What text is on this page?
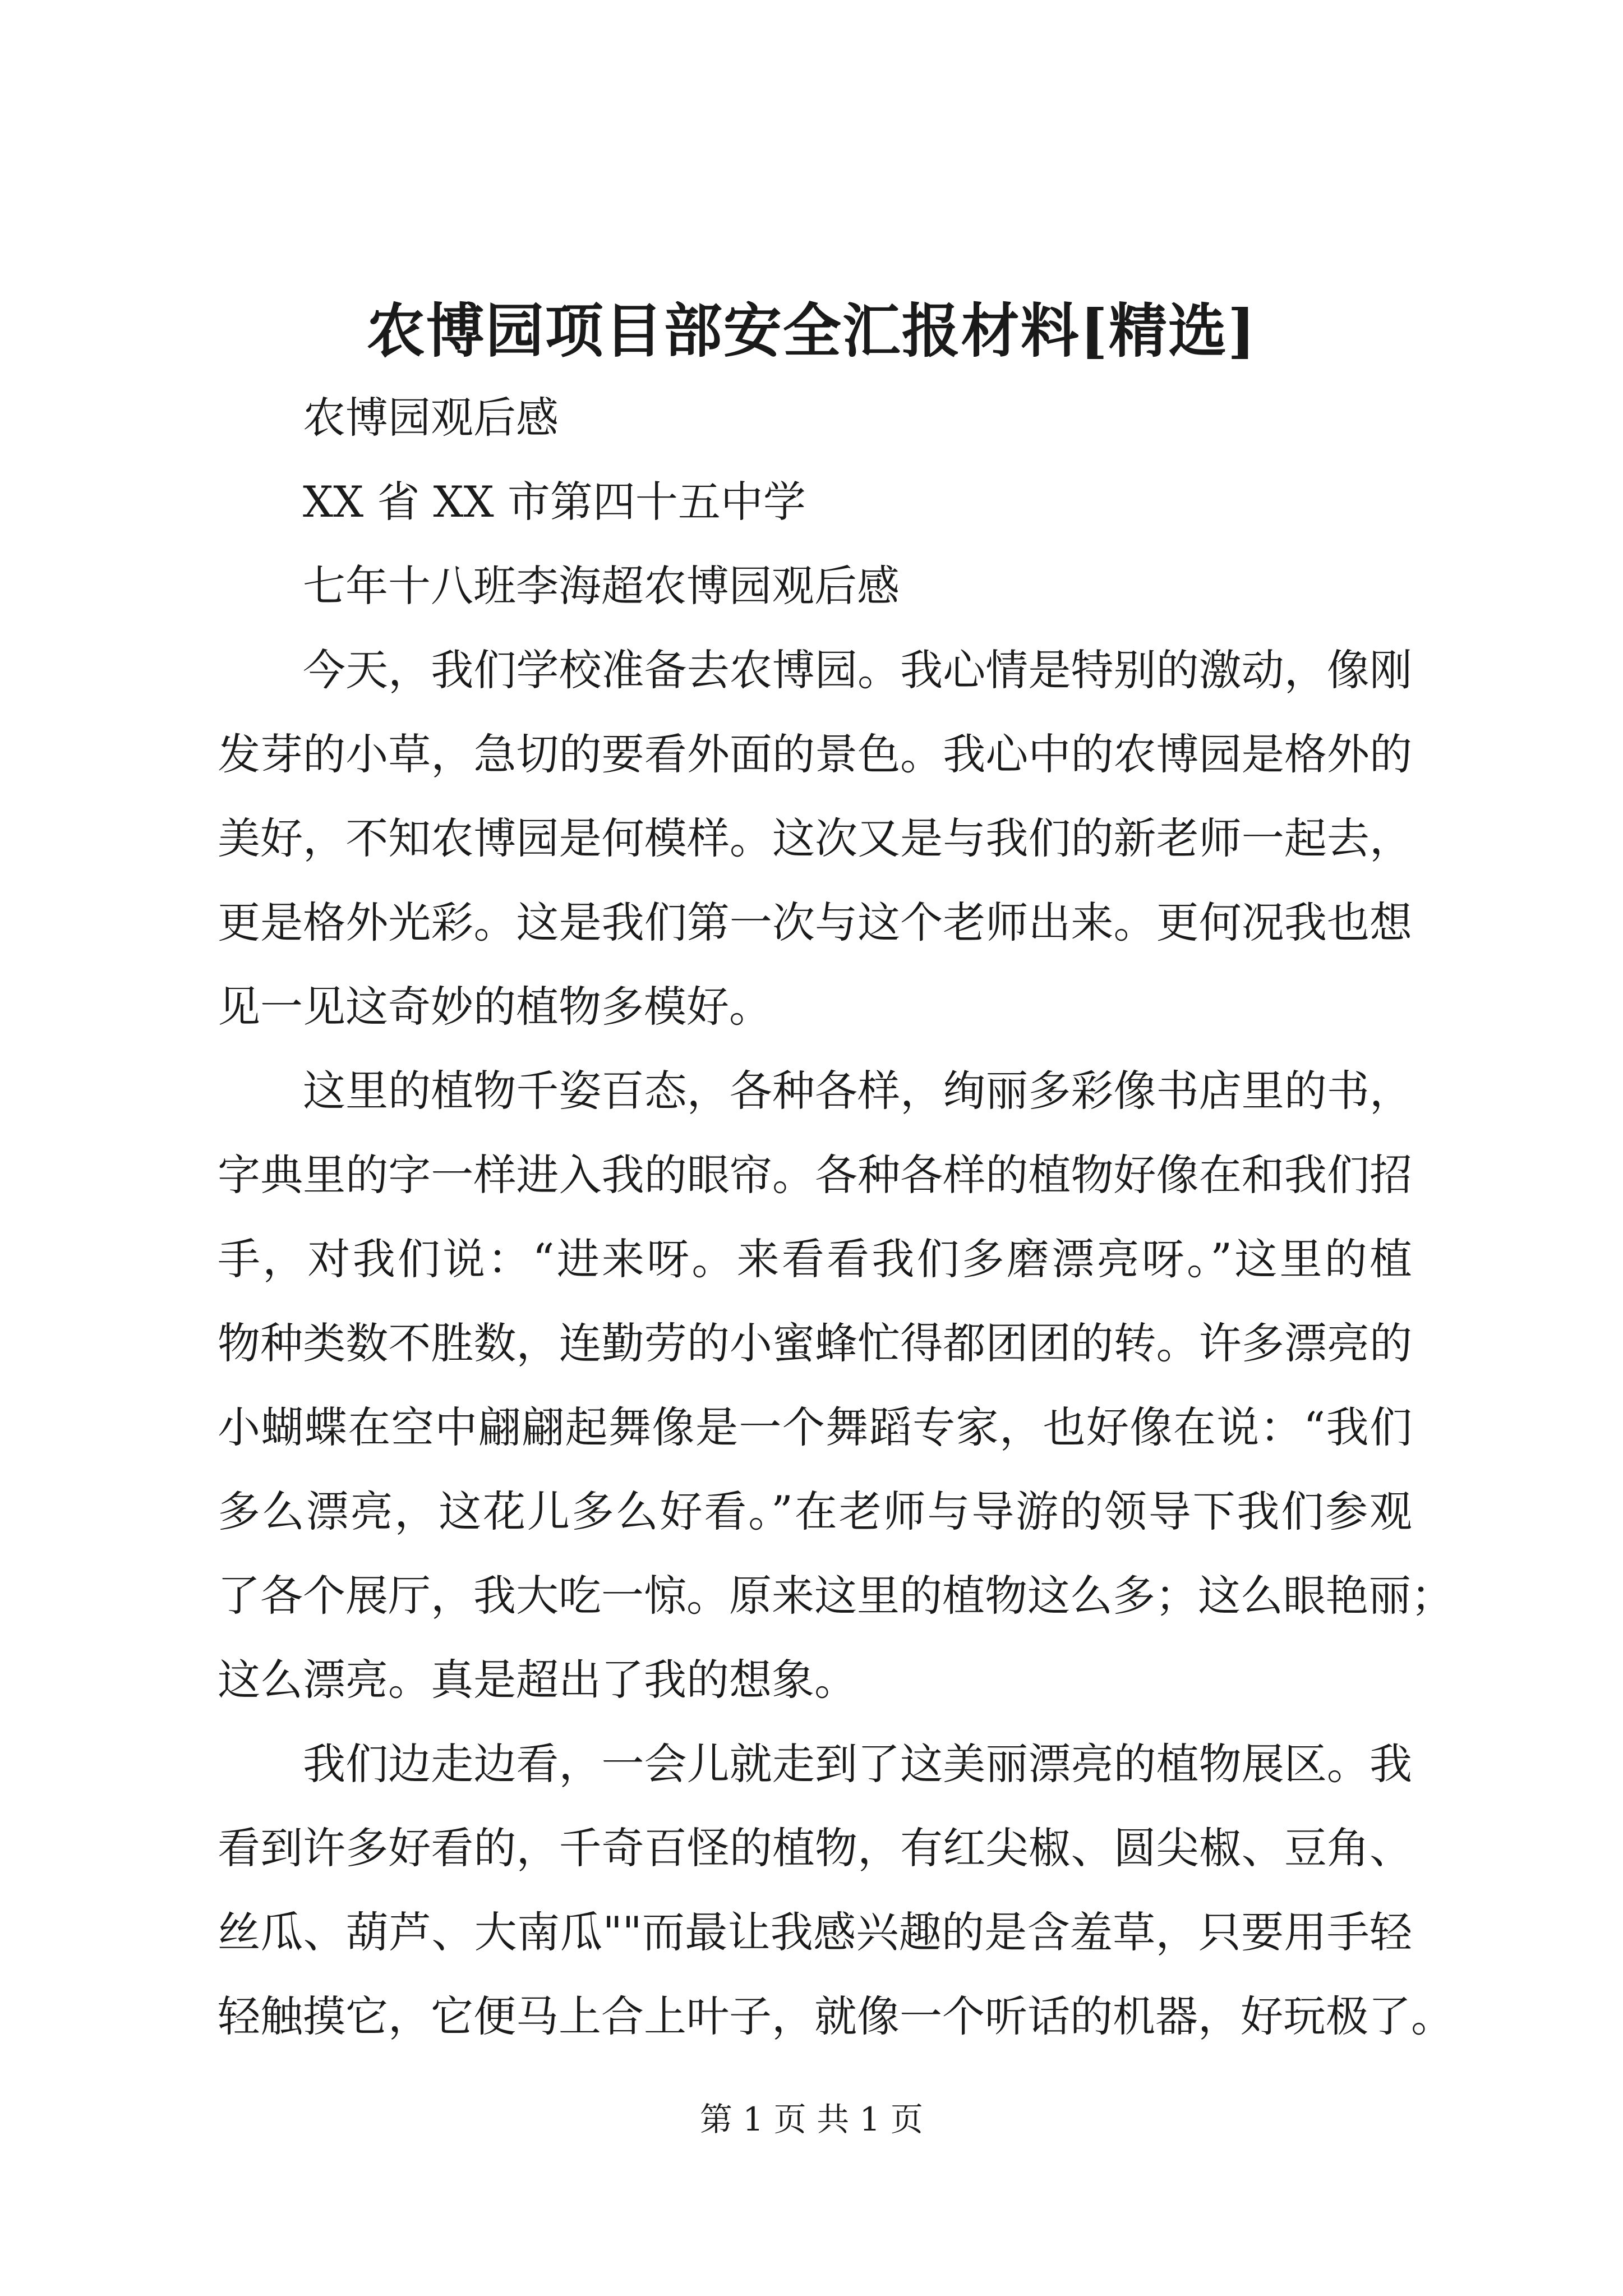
农博园项目部安全汇报材料[精选]
农博园观后感
XX 省 XX 市第四十五中学
七年十八班李海超农博园观后感
今天，我们学校准备去农博园。我心情是特别的激动，像刚
发芽的小草，急切的要看外面的景色。我心中的农博园是格外的
美好，不知农博园是何模样。这次又是与我们的新老师一起去，
更是格外光彩。这是我们第一次与这个老师出来。更何况我也想
见一见这奇妙的植物多模好。
这里的植物千姿百态，各种各样，绚丽多彩像书店里的书，
字典里的字一样进入我的眼帘。各种各样的植物好像在和我们招
手，对我们说：“进来呀。来看看我们多磨漂亮呀。”这里的植
物种类数不胜数，连勤劳的小蜜蜂忙得都团团的转。许多漂亮的
小蝴蝶在空中翩翩起舞像是一个舞蹈专家，也好像在说：“我们
多么漂亮，这花儿多么好看。”在老师与导游的领导下我们参观
了各个展厅，我大吃一惊。原来这里的植物这么多；这么眼艳丽；
这么漂亮。真是超出了我的想象。
我们边走边看，一会儿就走到了这美丽漂亮的植物展区。我
看到许多好看的，千奇百怪的植物，有红尖椒、圆尖椒、豆角、
丝瓜、葫芦、大南瓜""而最让我感兴趣的是含羞草，只要用手轻
轻触摸它，它便马上合上叶子，就像一个听话的机器，好玩极了。
第 1 页 共 1 页
